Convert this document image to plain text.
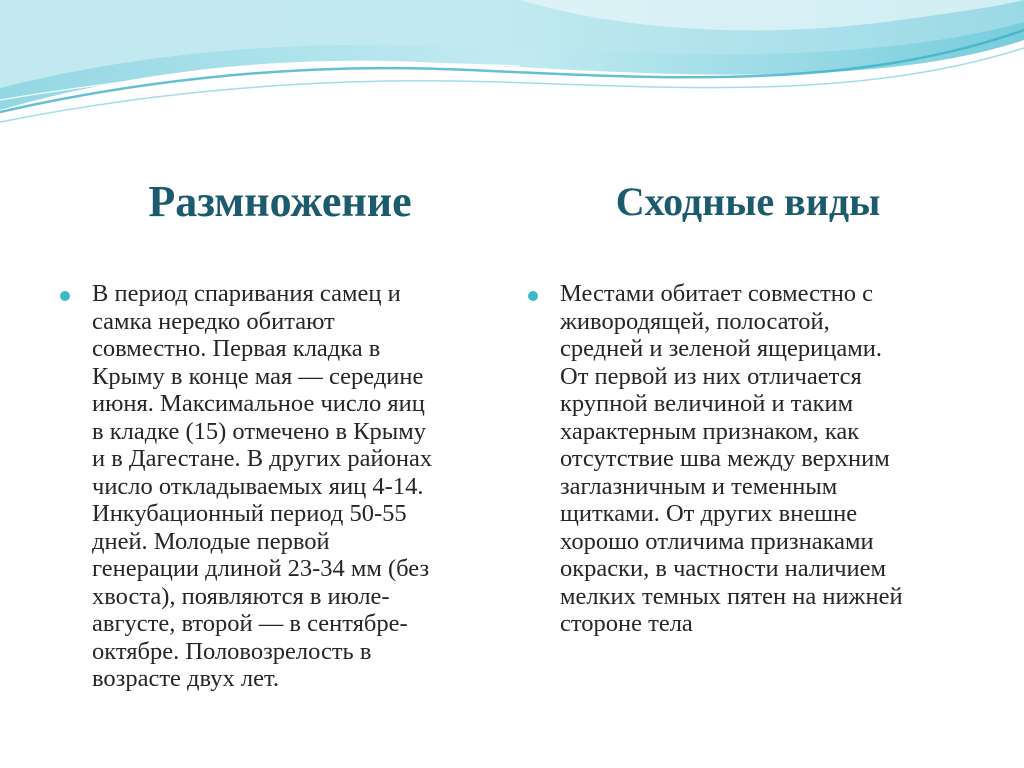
Размножение

В период спаривания самец и
самка нередко обитают
совместно. Первая кладка в
Крыму в конце мая — середине
июня. Максимальное число яиц
в кладке (15) отмечено в Крыму
и в Дагестане. В других районах
число откладываемых яиц 4-14.
Инкубационный период 50-55
дней. Молодые первой
генерации длиной 23-34 мм (без
хвоста), появляются в июле-
августе, второй — в сентябре-
октябре. Половозрелость в
возрасте двух лет.

Сходные виды

Местами обитает совместно с
живородящей, полосатой,
средней и зеленой ящерицами.
От первой из них отличается
крупной величиной и таким
характерным признаком, как
отсутствие шва между верхним
заглазничным и теменным
щитками. От других внешне
хорошо отличима признаками
окраски, в частности наличием
мелких темных пятен на нижней
стороне тела
